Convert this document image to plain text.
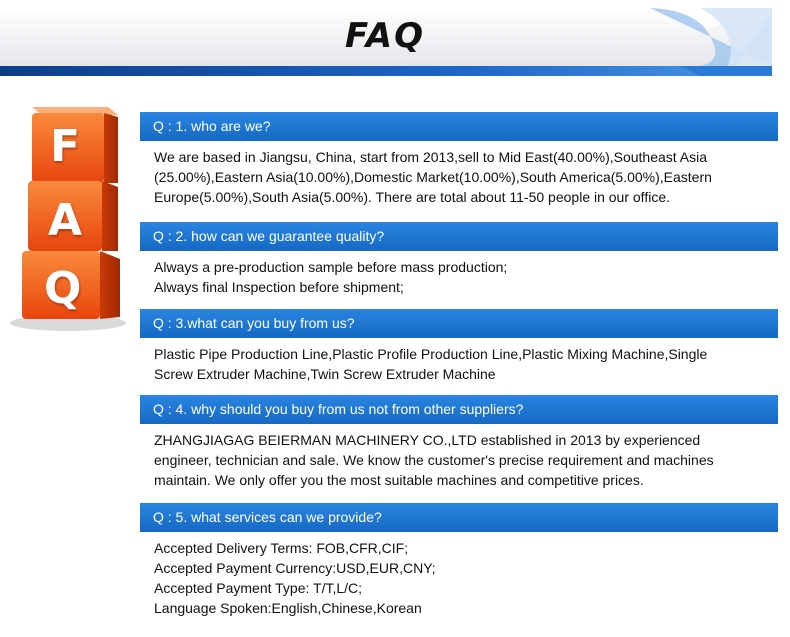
FAQ
F
A
Q
Q : 1. who are we?
We are based in Jiangsu, China, start from 2013,sell to Mid East(40.00%),Southeast Asia
(25.00%),Eastern Asia(10.00%),Domestic Market(10.00%),South America(5.00%),Eastern
Europe(5.00%),South Asia(5.00%). There are total about 11-50 people in our office.
Q : 2. how can we guarantee quality?
Always a pre-production sample before mass production;
Always final Inspection before shipment;
Q : 3.what can you buy from us?
Plastic Pipe Production Line,Plastic Profile Production Line,Plastic Mixing Machine,Single
Screw Extruder Machine,Twin Screw Extruder Machine
Q : 4. why should you buy from us not from other suppliers?
ZHANGJIAGAG BEIERMAN MACHINERY CO.,LTD established in 2013 by experienced
engineer, technician and sale. We know the customer's precise requirement and machines
maintain. We only offer you the most suitable machines and competitive prices.
Q : 5. what services can we provide?
Accepted Delivery Terms: FOB,CFR,CIF;
Accepted Payment Currency:USD,EUR,CNY;
Accepted Payment Type: T/T,L/C;
Language Spoken:English,Chinese,Korean
